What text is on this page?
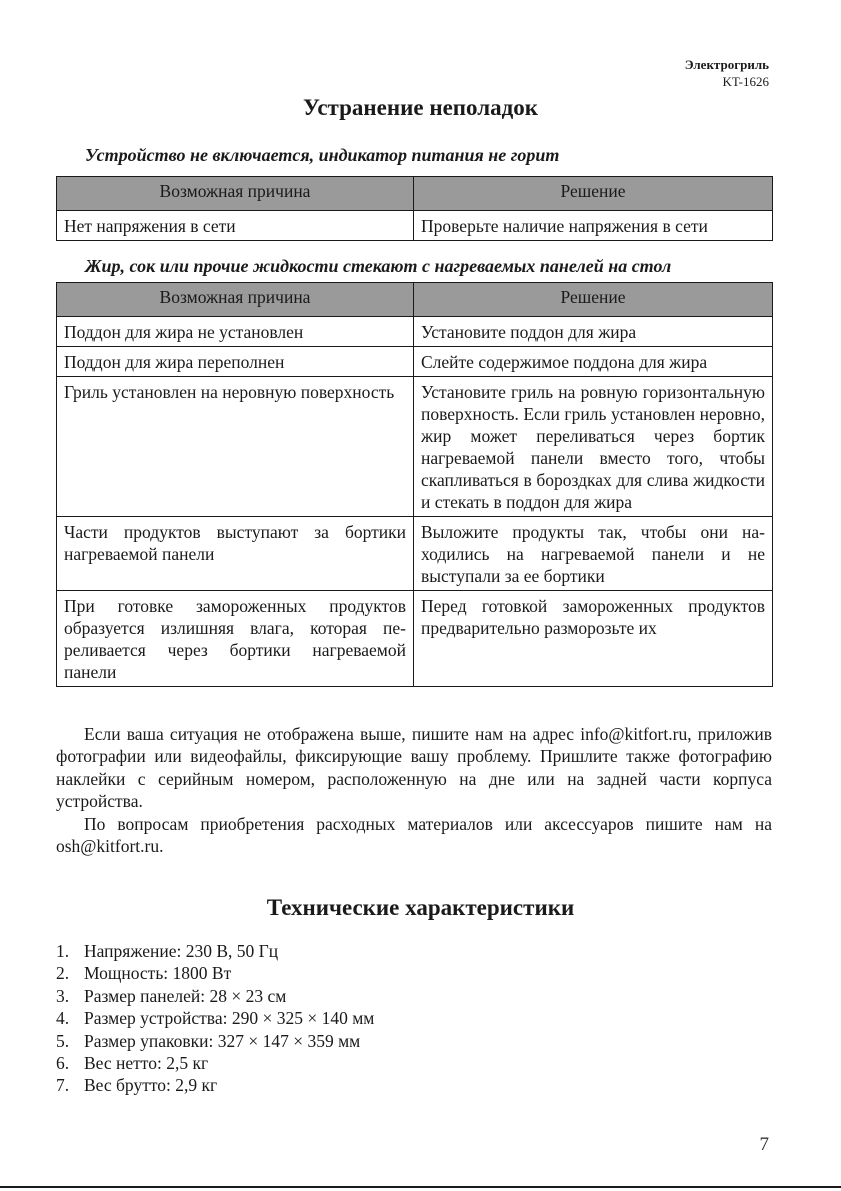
Электрогриль
KT-1626
Устранение неполадок
Устройство не включается, индикатор питания не горит
Возможная причина	Решение
Нет напряжения в сети	Проверьте наличие напряжения в сети
Жир, сок или прочие жидкости стекают с нагреваемых панелей на стол
Возможная причина	Решение
Поддон для жира не установлен	Установите поддон для жира
Поддон для жира переполнен	Слейте содержимое поддона для жира
Гриль установлен на неровную поверхность	Установите гриль на ровную горизонтальную поверхность. Если гриль установлен неровно, жир может переливаться через бортик нагреваемой панели вместо того, чтобы скапливаться в бороздках для слива жидкости и стекать в поддон для жира
Части продуктов выступают за бортики нагреваемой панели	Выложите продукты так, чтобы они находились на нагреваемой панели и не выступали за ее бортики
При готовке замороженных продуктов образуется излишняя влага, которая переливается через бортики нагреваемой панели	Перед готовкой замороженных продуктов предварительно разморозьте их

Если ваша ситуация не отображена выше, пишите нам на адрес info@kitfort.ru, приложив фотографии или видеофайлы, фиксирующие вашу проблему. Пришлите также фотографию наклейки с серийным номером, расположенную на дне или на задней части корпуса устройства.

По вопросам приобретения расходных материалов или аксессуаров пишите нам на osh@kitfort.ru.

Технические характеристики
1. Напряжение: 230 В, 50 Гц
2. Мощность: 1800 Вт
3. Размер панелей: 28 × 23 см
4. Размер устройства: 290 × 325 × 140 мм
5. Размер упаковки: 327 × 147 × 359 мм
6. Вес нетто: 2,5 кг
7. Вес брутто: 2,9 кг
7
